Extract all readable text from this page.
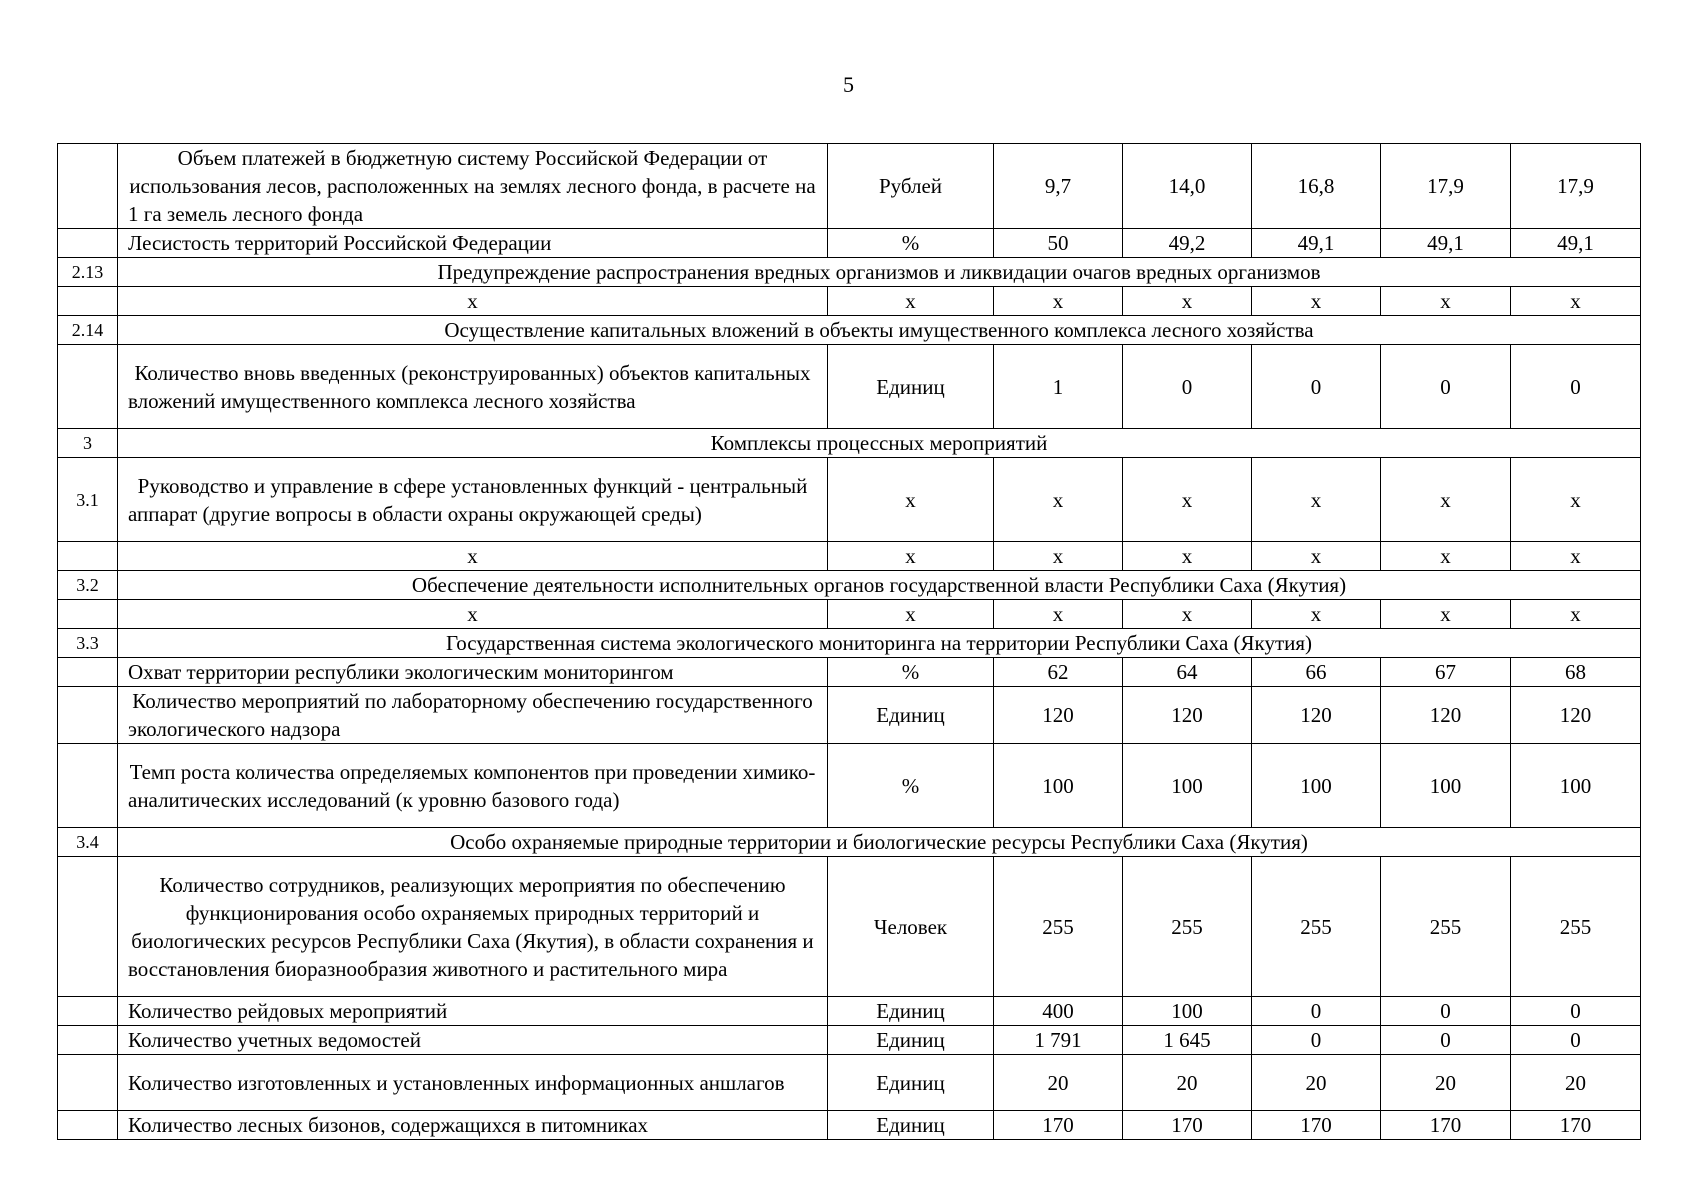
5
	Объем платежей в бюджетную систему Российской Федерации от использования лесов, расположенных на землях лесного фонда, в расчете на 1 га земель лесного фонда	Рублей	9,7	14,0	16,8	17,9	17,9
	Лесистость территорий Российской Федерации	%	50	49,2	49,1	49,1	49,1
2.13	Предупреждение распространения вредных организмов и ликвидации очагов вредных организмов						
	х	х	х	х	х	х	х
2.14	Осуществление капитальных вложений в объекты имущественного комплекса лесного хозяйства						
	Количество вновь введенных (реконструированных) объектов капитальных вложений имущественного комплекса лесного хозяйства	Единиц	1	0	0	0	0
3	Комплексы процессных мероприятий						
3.1	Руководство и управление в сфере установленных функций - центральный аппарат (другие вопросы в области охраны окружающей среды)	х	х	х	х	х	х
	х	х	х	х	х	х	х
3.2	Обеспечение деятельности исполнительных органов государственной власти Республики Саха (Якутия)						
	х	х	х	х	х	х	х
3.3	Государственная система экологического мониторинга на территории Республики Саха (Якутия)						
	Охват территории республики экологическим мониторингом	%	62	64	66	67	68
	Количество мероприятий по лабораторному обеспечению государственного экологического надзора	Единиц	120	120	120	120	120
	Темп роста количества определяемых компонентов при проведении химико-аналитических исследований (к уровню базового года)	%	100	100	100	100	100
3.4	Особо охраняемые природные территории и биологические ресурсы Республики Саха (Якутия)						
	Количество сотрудников, реализующих мероприятия по обеспечению функционирования особо охраняемых природных территорий и биологических ресурсов Республики Саха (Якутия), в области сохранения и восстановления биоразнообразия животного и растительного мира	Человек	255	255	255	255	255
	Количество рейдовых мероприятий	Единиц	400	100	0	0	0
	Количество учетных ведомостей	Единиц	1 791	1 645	0	0	0
	Количество изготовленных и установленных информационных аншлагов	Единиц	20	20	20	20	20
	Количество лесных бизонов, содержащихся в питомниках	Единиц	170	170	170	170	170
